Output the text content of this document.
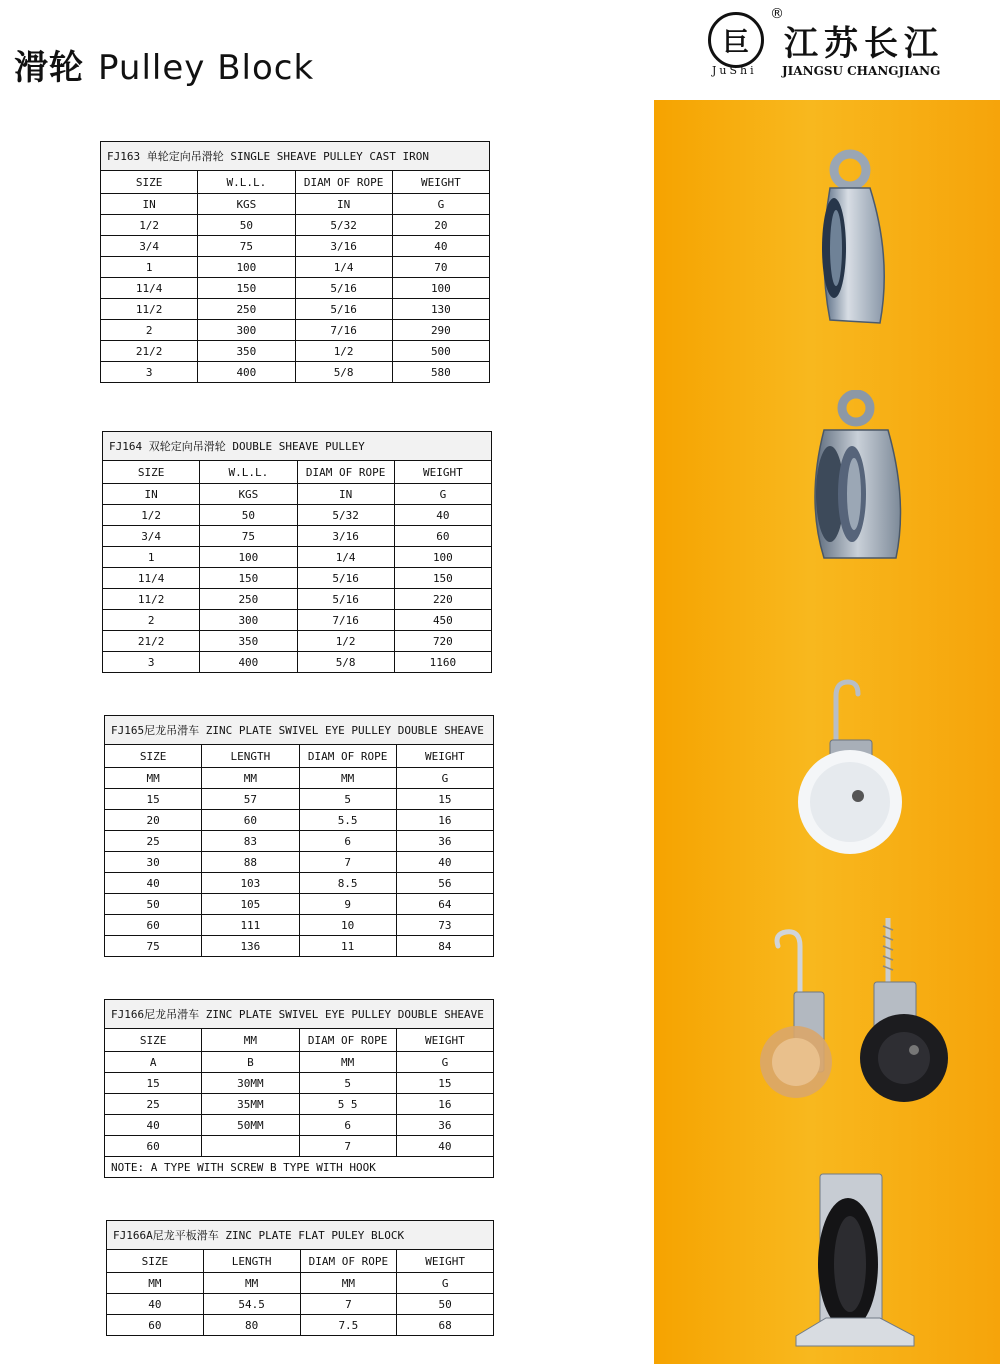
滑轮 Pulley Block
巨
JuShi
®
江苏长江
JIANGSU CHANGJIANG
FJ163 单轮定向吊滑轮 SINGLE SHEAVE PULLEY CAST IRON			
SIZE	W.L.L.	DIAM OF ROPE	WEIGHT
IN	KGS	IN	G
1/2	50	5/32	20
3/4	75	3/16	40
1	100	1/4	70
11/4	150	5/16	100
11/2	250	5/16	130
2	300	7/16	290
21/2	350	1/2	500
3	400	5/8	580
FJ164 双轮定向吊滑轮 DOUBLE SHEAVE PULLEY			
SIZE	W.L.L.	DIAM OF ROPE	WEIGHT
IN	KGS	IN	G
1/2	50	5/32	40
3/4	75	3/16	60
1	100	1/4	100
11/4	150	5/16	150
11/2	250	5/16	220
2	300	7/16	450
21/2	350	1/2	720
3	400	5/8	1160
FJ165尼龙吊滑车 ZINC PLATE SWIVEL EYE PULLEY DOUBLE SHEAVE			
SIZE	LENGTH	DIAM OF ROPE	WEIGHT
MM	MM	MM	G
15	57	5	15
20	60	5.5	16
25	83	6	36
30	88	7	40
40	103	8.5	56
50	105	9	64
60	111	10	73
75	136	11	84
FJ166尼龙吊滑车 ZINC PLATE SWIVEL EYE PULLEY DOUBLE SHEAVE			
SIZE	MM	DIAM OF ROPE	WEIGHT
A	B	MM	G
15	30MM	5	15
25	35MM	5 5	16
40	50MM	6	36
60		7	40
NOTE: A TYPE WITH SCREW B TYPE WITH HOOK			
FJ166A尼龙平板滑车 ZINC PLATE FLAT PULEY BLOCK			
SIZE	LENGTH	DIAM OF ROPE	WEIGHT
MM	MM	MM	G
40	54.5	7	50
60	80	7.5	68
